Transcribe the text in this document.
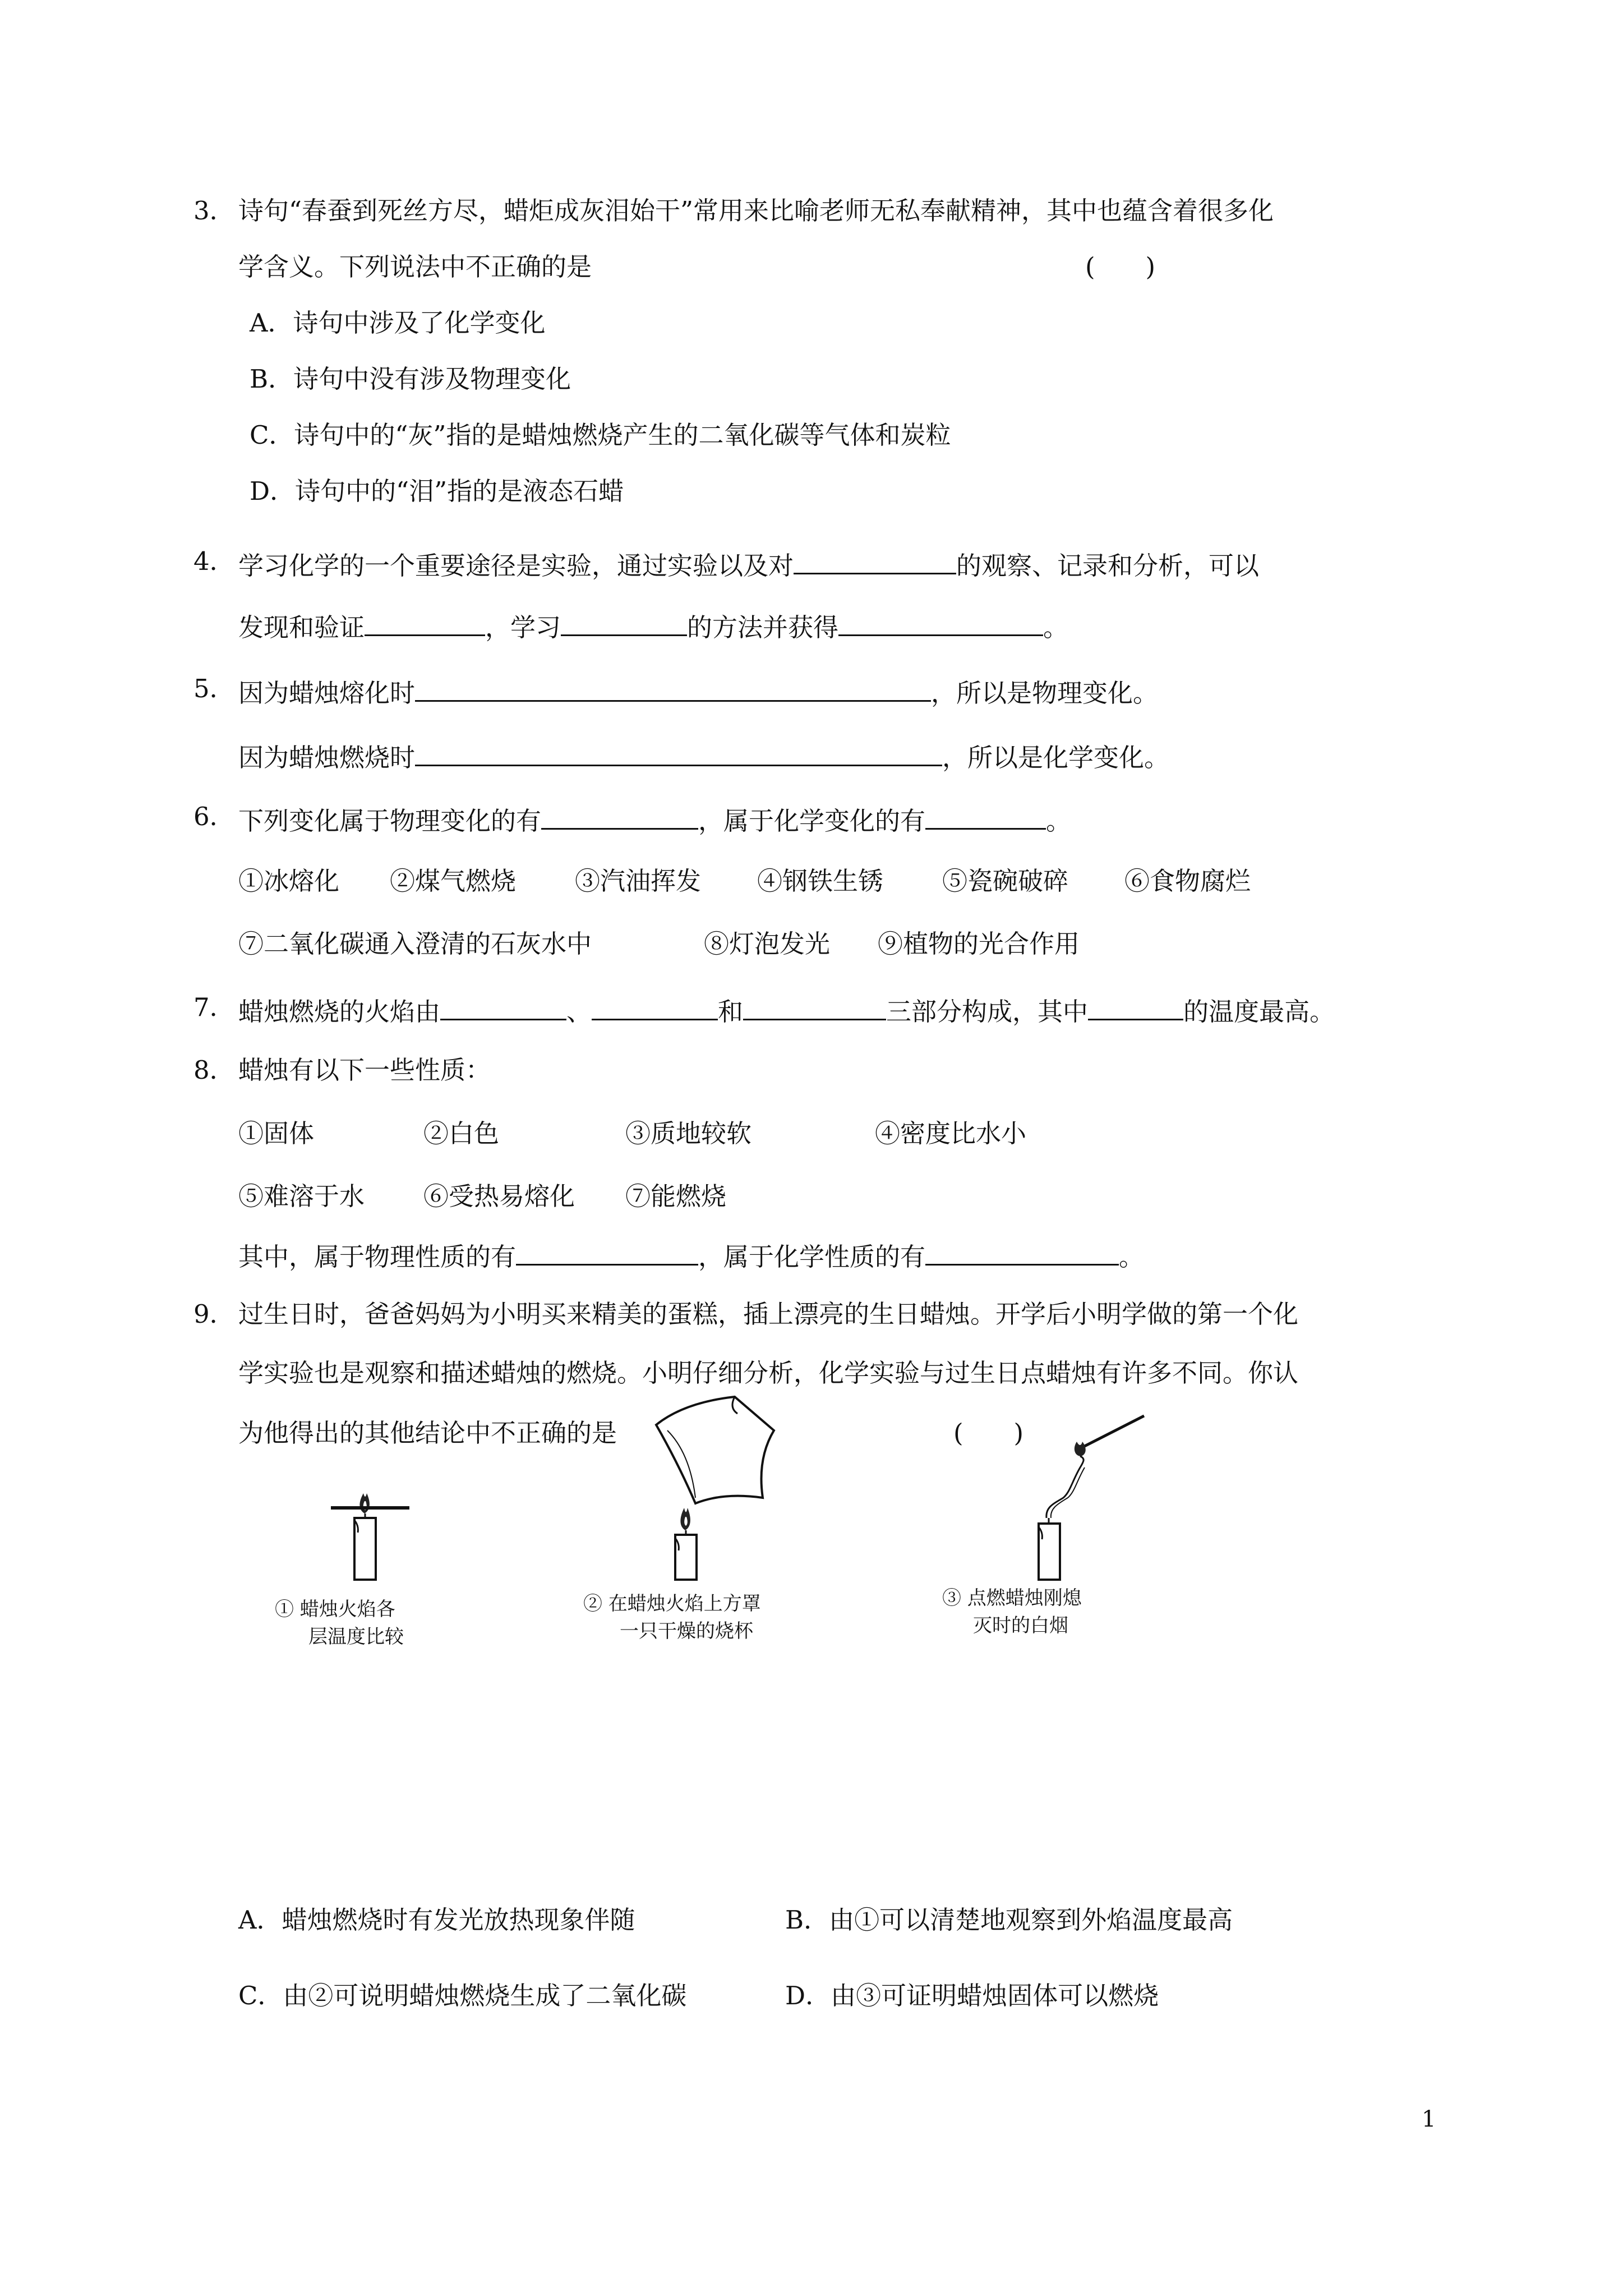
3． 诗句“春蚕到死丝方尽，蜡炬成灰泪始干”常用来比喻老师无私奉献精神，其中也蕴含着很多化
学含义。下列说法中不正确的是	(　　)
A．诗句中涉及了化学变化
B．诗句中没有涉及物理变化
C．诗句中的“灰”指的是蜡烛燃烧产生的二氧化碳等气体和炭粒
D．诗句中的“泪”指的是液态石蜡
4． 学习化学的一个重要途径是实验，通过实验以及对	的观察、记录和分析，可以
发现和验证	，学习	的方法并获得	。
5． 因为蜡烛熔化时	，所以是物理变化。
因为蜡烛燃烧时	，所以是化学变化。
6． 下列变化属于物理变化的有	，属于化学变化的有	。
①冰熔化 ②煤气燃烧 ③汽油挥发 ④钢铁生锈 ⑤瓷碗破碎 ⑥食物腐烂
⑦二氧化碳通入澄清的石灰水中	⑧灯泡发光 ⑨植物的光合作用
7． 蜡烛燃烧的火焰由	、	和	三部分构成，其中	的温度最高。
8． 蜡烛有以下一些性质：
①固体	②白色	③质地较软	④密度比水小
⑤难溶于水 ⑥受热易熔化 ⑦能燃烧
其中，属于物理性质的有	，属于化学性质的有	。
9． 过生日时，爸爸妈妈为小明买来精美的蛋糕，插上漂亮的生日蜡烛。开学后小明学做的第一个化
学实验也是观察和描述蜡烛的燃烧。小明仔细分析，化学实验与过生日点蜡烛有许多不同。你认
为他得出的其他结论中不正确的是	(　　)
① 蜡烛火焰各
层温度比较
② 在蜡烛火焰上方罩
一只干燥的烧杯
③ 点燃蜡烛刚熄
灭时的白烟
A．蜡烛燃烧时有发光放热现象伴随	B．由①可以清楚地观察到外焰温度最高
C．由②可说明蜡烛燃烧生成了二氧化碳	D．由③可证明蜡烛固体可以燃烧
1
